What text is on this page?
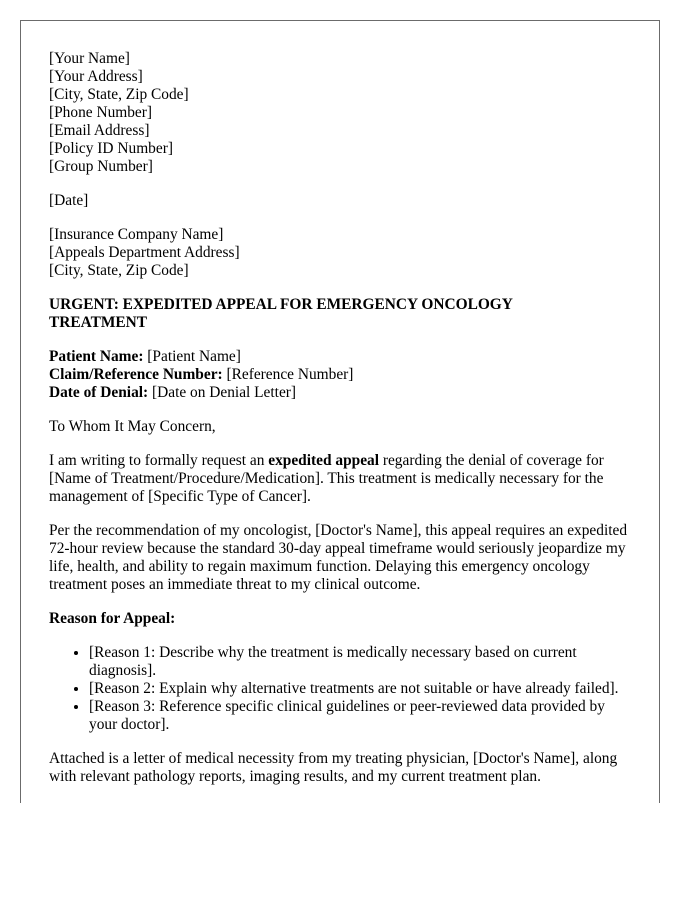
[Your Name]
[Your Address]
[City, State, Zip Code]
[Phone Number]
[Email Address]
[Policy ID Number]
[Group Number]
[Date]
[Insurance Company Name]
[Appeals Department Address]
[City, State, Zip Code]
URGENT: EXPEDITED APPEAL FOR EMERGENCY ONCOLOGY TREATMENT
Patient Name: [Patient Name]
Claim/Reference Number: [Reference Number]
Date of Denial: [Date on Denial Letter]

To Whom It May Concern,

I am writing to formally request an expedited appeal regarding the denial of coverage for [Name of Treatment/Procedure/Medication]. This treatment is medically necessary for the management of [Specific Type of Cancer].

Per the recommendation of my oncologist, [Doctor's Name], this appeal requires an expedited 72-hour review because the standard 30-day appeal timeframe would seriously jeopardize my life, health, and ability to regain maximum function. Delaying this emergency oncology treatment poses an immediate threat to my clinical outcome.

Reason for Appeal:
• [Reason 1: Describe why the treatment is medically necessary based on current diagnosis].
• [Reason 2: Explain why alternative treatments are not suitable or have already failed].
• [Reason 3: Reference specific clinical guidelines or peer-reviewed data provided by your doctor].

Attached is a letter of medical necessity from my treating physician, [Doctor's Name], along with relevant pathology reports, imaging results, and my current treatment plan.
